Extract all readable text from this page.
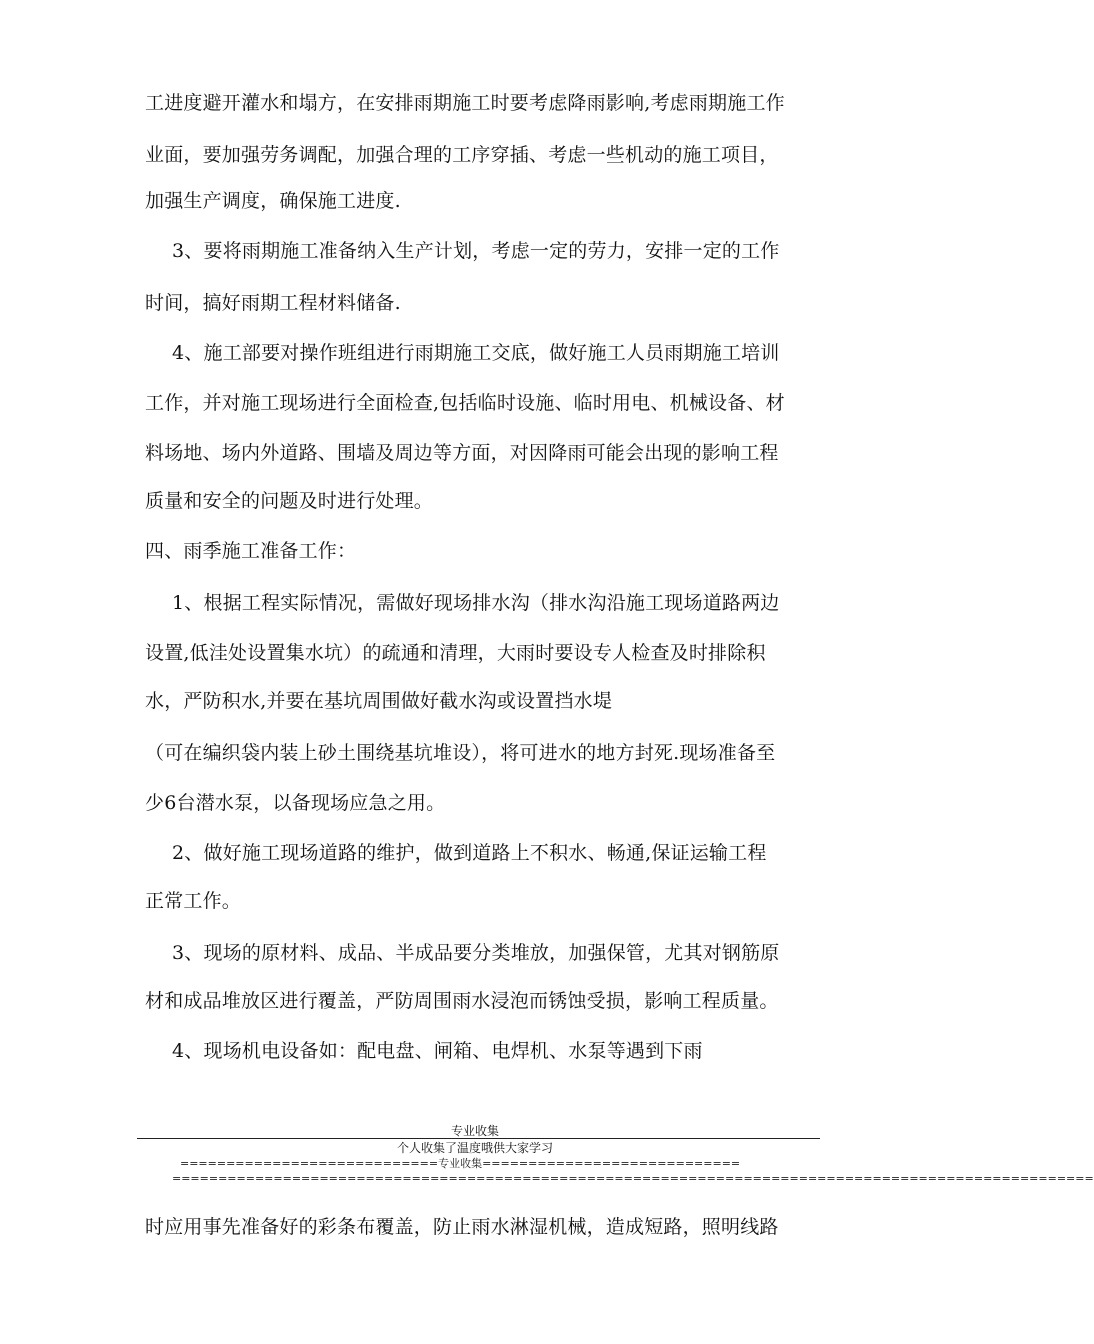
工进度避开灌水和塌方，在安排雨期施工时要考虑降雨影响,考虑雨期施工作
业面，要加强劳务调配，加强合理的工序穿插、考虑一些机动的施工项目，
加强生产调度，确保施工进度.
3、要将雨期施工准备纳入生产计划，考虑一定的劳力，安排一定的工作
时间，搞好雨期工程材料储备.
4、施工部要对操作班组进行雨期施工交底，做好施工人员雨期施工培训
工作，并对施工现场进行全面检查,包括临时设施、临时用电、机械设备、材
料场地、场内外道路、围墙及周边等方面，对因降雨可能会出现的影响工程
质量和安全的问题及时进行处理。
四、雨季施工准备工作：
1、根据工程实际情况，需做好现场排水沟（排水沟沿施工现场道路两边
设置,低洼处设置集水坑）的疏通和清理，大雨时要设专人检查及时排除积
水，严防积水,并要在基坑周围做好截水沟或设置挡水堤
（可在编织袋内装上砂土围绕基坑堆设），将可进水的地方封死.现场准备至
少6台潜水泵，以备现场应急之用。
2、做好施工现场道路的维护，做到道路上不积水、畅通,保证运输工程
正常工作。
3、现场的原材料、成品、半成品要分类堆放，加强保管，尤其对钢筋原
材和成品堆放区进行覆盖，严防周围雨水浸泡而锈蚀受损，影响工程质量。
4、现场机电设备如：配电盘、闸箱、电焊机、水泵等遇到下雨
专业收集
个人收集了温度哦供大家学习
============================专业收集============================
====================================================================================================
时应用事先准备好的彩条布覆盖，防止雨水淋湿机械，造成短路，照明线路
